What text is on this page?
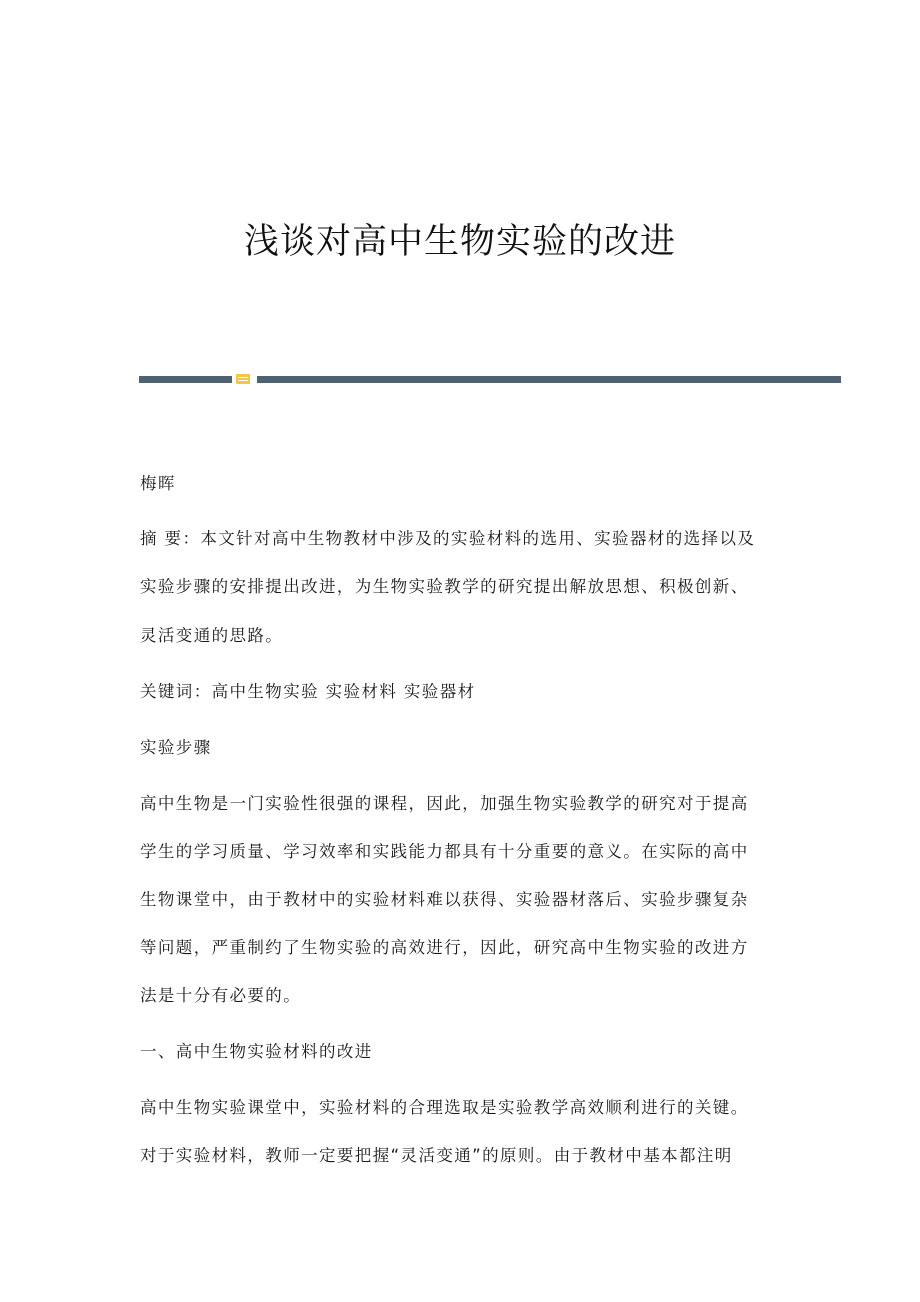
浅谈对高中生物实验的改进
梅晖
摘 要：本文针对高中生物教材中涉及的实验材料的选用、实验器材的选择以及
实验步骤的安排提出改进，为生物实验教学的研究提出解放思想、积极创新、
灵活变通的思路。
关键词：高中生物实验 实验材料 实验器材
实验步骤
高中生物是一门实验性很强的课程，因此，加强生物实验教学的研究对于提高
学生的学习质量、学习效率和实践能力都具有十分重要的意义。在实际的高中
生物课堂中，由于教材中的实验材料难以获得、实验器材落后、实验步骤复杂
等问题，严重制约了生物实验的高效进行，因此，研究高中生物实验的改进方
法是十分有必要的。
一、高中生物实验材料的改进
高中生物实验课堂中，实验材料的合理选取是实验教学高效顺利进行的关键。
对于实验材料，教师一定要把握“灵活变通”的原则。由于教材中基本都注明
